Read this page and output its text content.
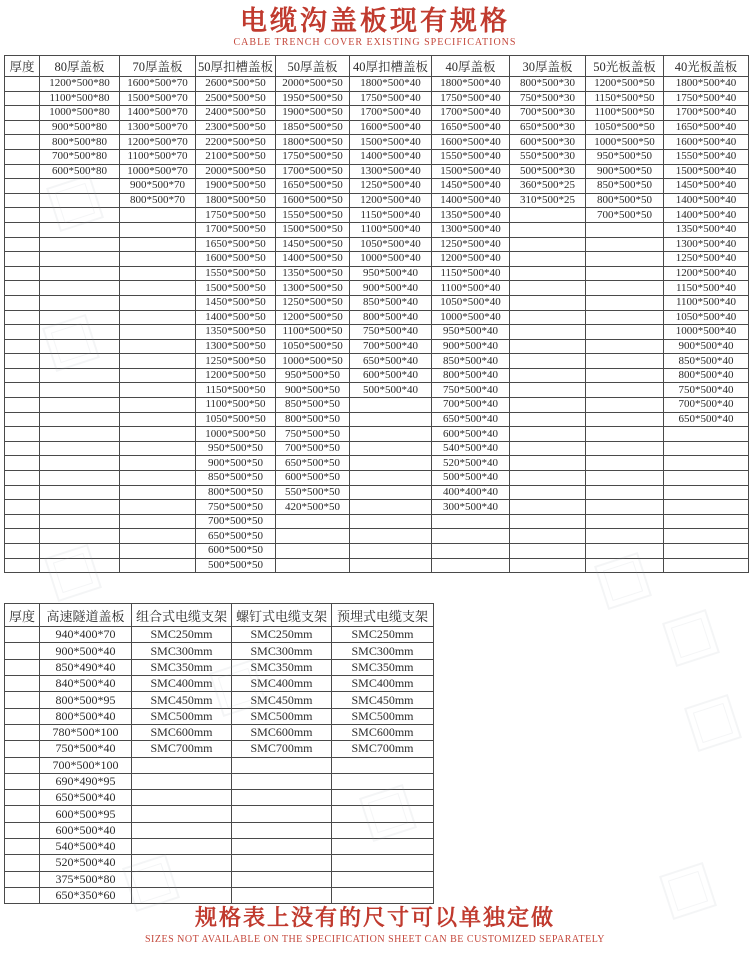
电缆沟盖板现有规格
CABLE TRENCH COVER EXISTING SPECIFICATIONS
厚度	80厚盖板	70厚盖板	50厚扣槽盖板	50厚盖板	40厚扣槽盖板	40厚盖板	30厚盖板	50光板盖板	40光板盖板
	1200*500*80	1600*500*70	2600*500*50	2000*500*50	1800*500*40	1800*500*40	800*500*30	1200*500*50	1800*500*40
	1100*500*80	1500*500*70	2500*500*50	1950*500*50	1750*500*40	1750*500*40	750*500*30	1150*500*50	1750*500*40
	1000*500*80	1400*500*70	2400*500*50	1900*500*50	1700*500*40	1700*500*40	700*500*30	1100*500*50	1700*500*40
	900*500*80	1300*500*70	2300*500*50	1850*500*50	1600*500*40	1650*500*40	650*500*30	1050*500*50	1650*500*40
	800*500*80	1200*500*70	2200*500*50	1800*500*50	1500*500*40	1600*500*40	600*500*30	1000*500*50	1600*500*40
	700*500*80	1100*500*70	2100*500*50	1750*500*50	1400*500*40	1550*500*40	550*500*30	950*500*50	1550*500*40
	600*500*80	1000*500*70	2000*500*50	1700*500*50	1300*500*40	1500*500*40	500*500*30	900*500*50	1500*500*40
		900*500*70	1900*500*50	1650*500*50	1250*500*40	1450*500*40	360*500*25	850*500*50	1450*500*40
		800*500*70	1800*500*50	1600*500*50	1200*500*40	1400*500*40	310*500*25	800*500*50	1400*500*40
			1750*500*50	1550*500*50	1150*500*40	1350*500*40		700*500*50	1400*500*40
			1700*500*50	1500*500*50	1100*500*40	1300*500*40			1350*500*40
			1650*500*50	1450*500*50	1050*500*40	1250*500*40			1300*500*40
			1600*500*50	1400*500*50	1000*500*40	1200*500*40			1250*500*40
			1550*500*50	1350*500*50	950*500*40	1150*500*40			1200*500*40
			1500*500*50	1300*500*50	900*500*40	1100*500*40			1150*500*40
			1450*500*50	1250*500*50	850*500*40	1050*500*40			1100*500*40
			1400*500*50	1200*500*50	800*500*40	1000*500*40			1050*500*40
			1350*500*50	1100*500*50	750*500*40	950*500*40			1000*500*40
			1300*500*50	1050*500*50	700*500*40	900*500*40			900*500*40
			1250*500*50	1000*500*50	650*500*40	850*500*40			850*500*40
			1200*500*50	950*500*50	600*500*40	800*500*40			800*500*40
			1150*500*50	900*500*50	500*500*40	750*500*40			750*500*40
			1100*500*50	850*500*50		700*500*40			700*500*40
			1050*500*50	800*500*50		650*500*40			650*500*40
			1000*500*50	750*500*50		600*500*40			
			950*500*50	700*500*50		540*500*40			
			900*500*50	650*500*50		520*500*40			
			850*500*50	600*500*50		500*500*40			
			800*500*50	550*500*50		400*400*40			
			750*500*50	420*500*50		300*500*40			
			700*500*50						
			650*500*50						
			600*500*50						
			500*500*50						
厚度	高速隧道盖板	组合式电缆支架	螺钉式电缆支架	预埋式电缆支架
	940*400*70	SMC250mm	SMC250mm	SMC250mm
	900*500*40	SMC300mm	SMC300mm	SMC300mm
	850*490*40	SMC350mm	SMC350mm	SMC350mm
	840*500*40	SMC400mm	SMC400mm	SMC400mm
	800*500*95	SMC450mm	SMC450mm	SMC450mm
	800*500*40	SMC500mm	SMC500mm	SMC500mm
	780*500*100	SMC600mm	SMC600mm	SMC600mm
	750*500*40	SMC700mm	SMC700mm	SMC700mm
	700*500*100			
	690*490*95			
	650*500*40			
	600*500*95			
	600*500*40			
	540*500*40			
	520*500*40			
	375*500*80			
	650*350*60			
规格表上没有的尺寸可以单独定做
SIZES NOT AVAILABLE ON THE SPECIFICATION SHEET CAN BE CUSTOMIZED SEPARATELY
